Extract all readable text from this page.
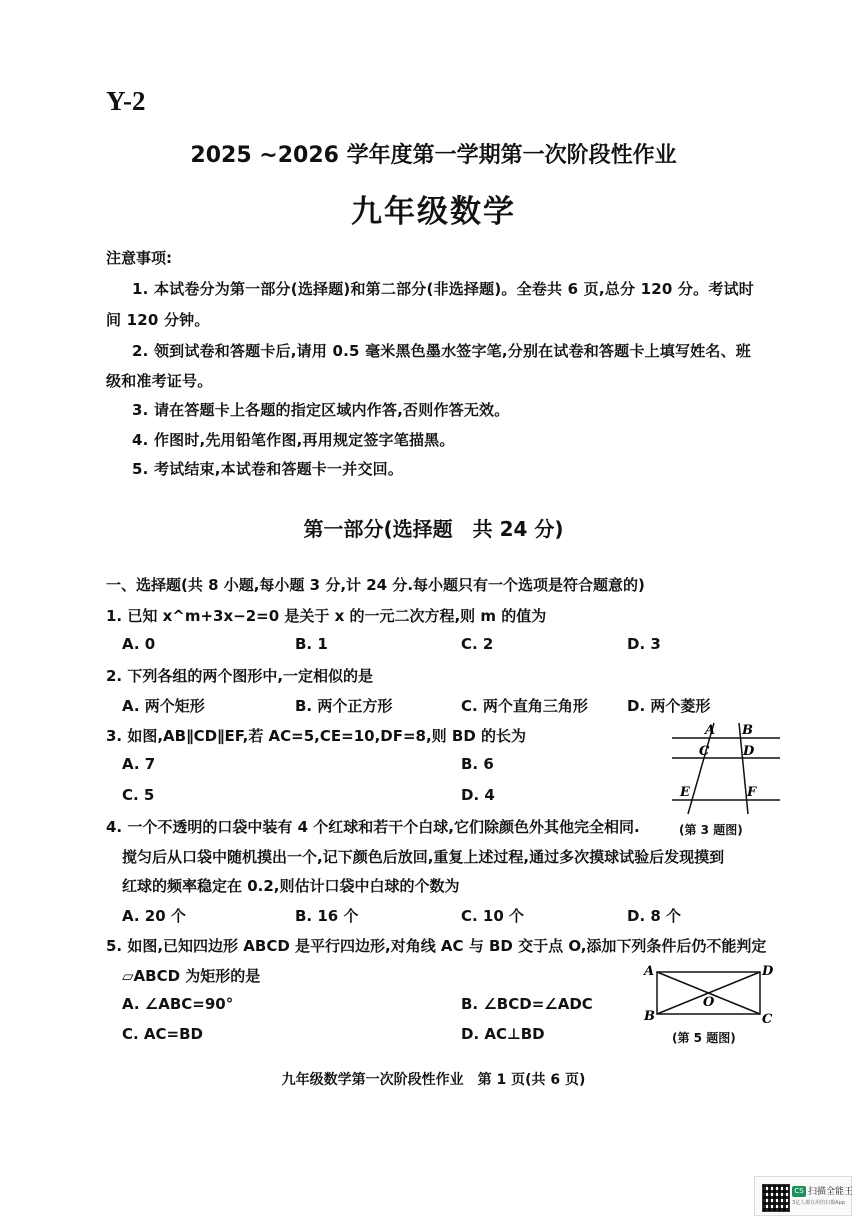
Y-2
2025 ~2026 学年度第一学期第一次阶段性作业
九年级数学
注意事项:
1. 本试卷分为第一部分(选择题)和第二部分(非选择题)。全卷共 6 页,总分 120 分。考试时
间 120 分钟。
2. 领到试卷和答题卡后,请用 0.5 毫米黑色墨水签字笔,分别在试卷和答题卡上填写姓名、班
级和准考证号。
3. 请在答题卡上各题的指定区域内作答,否则作答无效。
4. 作图时,先用铅笔作图,再用规定签字笔描黑。
5. 考试结束,本试卷和答题卡一并交回。
第一部分(选择题　共 24 分)
一、选择题(共 8 小题,每小题 3 分,计 24 分.每小题只有一个选项是符合题意的)
1. 已知 x^m+3x−2=0 是关于 x 的一元二次方程,则 m 的值为
A. 0	B. 1	C. 2	D. 3
2. 下列各组的两个图形中,一定相似的是
A. 两个矩形	B. 两个正方形	C. 两个直角三角形	D. 两个菱形
3. 如图,AB∥CD∥EF,若 AC=5,CE=10,DF=8,则 BD 的长为
A. 7	B. 6
C. 5	D. 4
A B
C	D
E	F
(第 3 题图)
4. 一个不透明的口袋中装有 4 个红球和若干个白球,它们除颜色外其他完全相同.
搅匀后从口袋中随机摸出一个,记下颜色后放回,重复上述过程,通过多次摸球试验后发现摸到
红球的频率稳定在 0.2,则估计口袋中白球的个数为
A. 20 个	B. 16 个	C. 10 个	D. 8 个
5. 如图,已知四边形 ABCD 是平行四边形,对角线 AC 与 BD 交于点 O,添加下列条件后仍不能判定
▱ABCD 为矩形的是
A. ∠ABC=90°	B. ∠BCD=∠ADC
C. AC=BD	D. AC⊥BD
A	D
B	C
O
(第 5 题图)
九年级数学第一次阶段性作业　第 1 页(共 6 页)
CS 扫描全能王
3亿人都在用的扫描App
